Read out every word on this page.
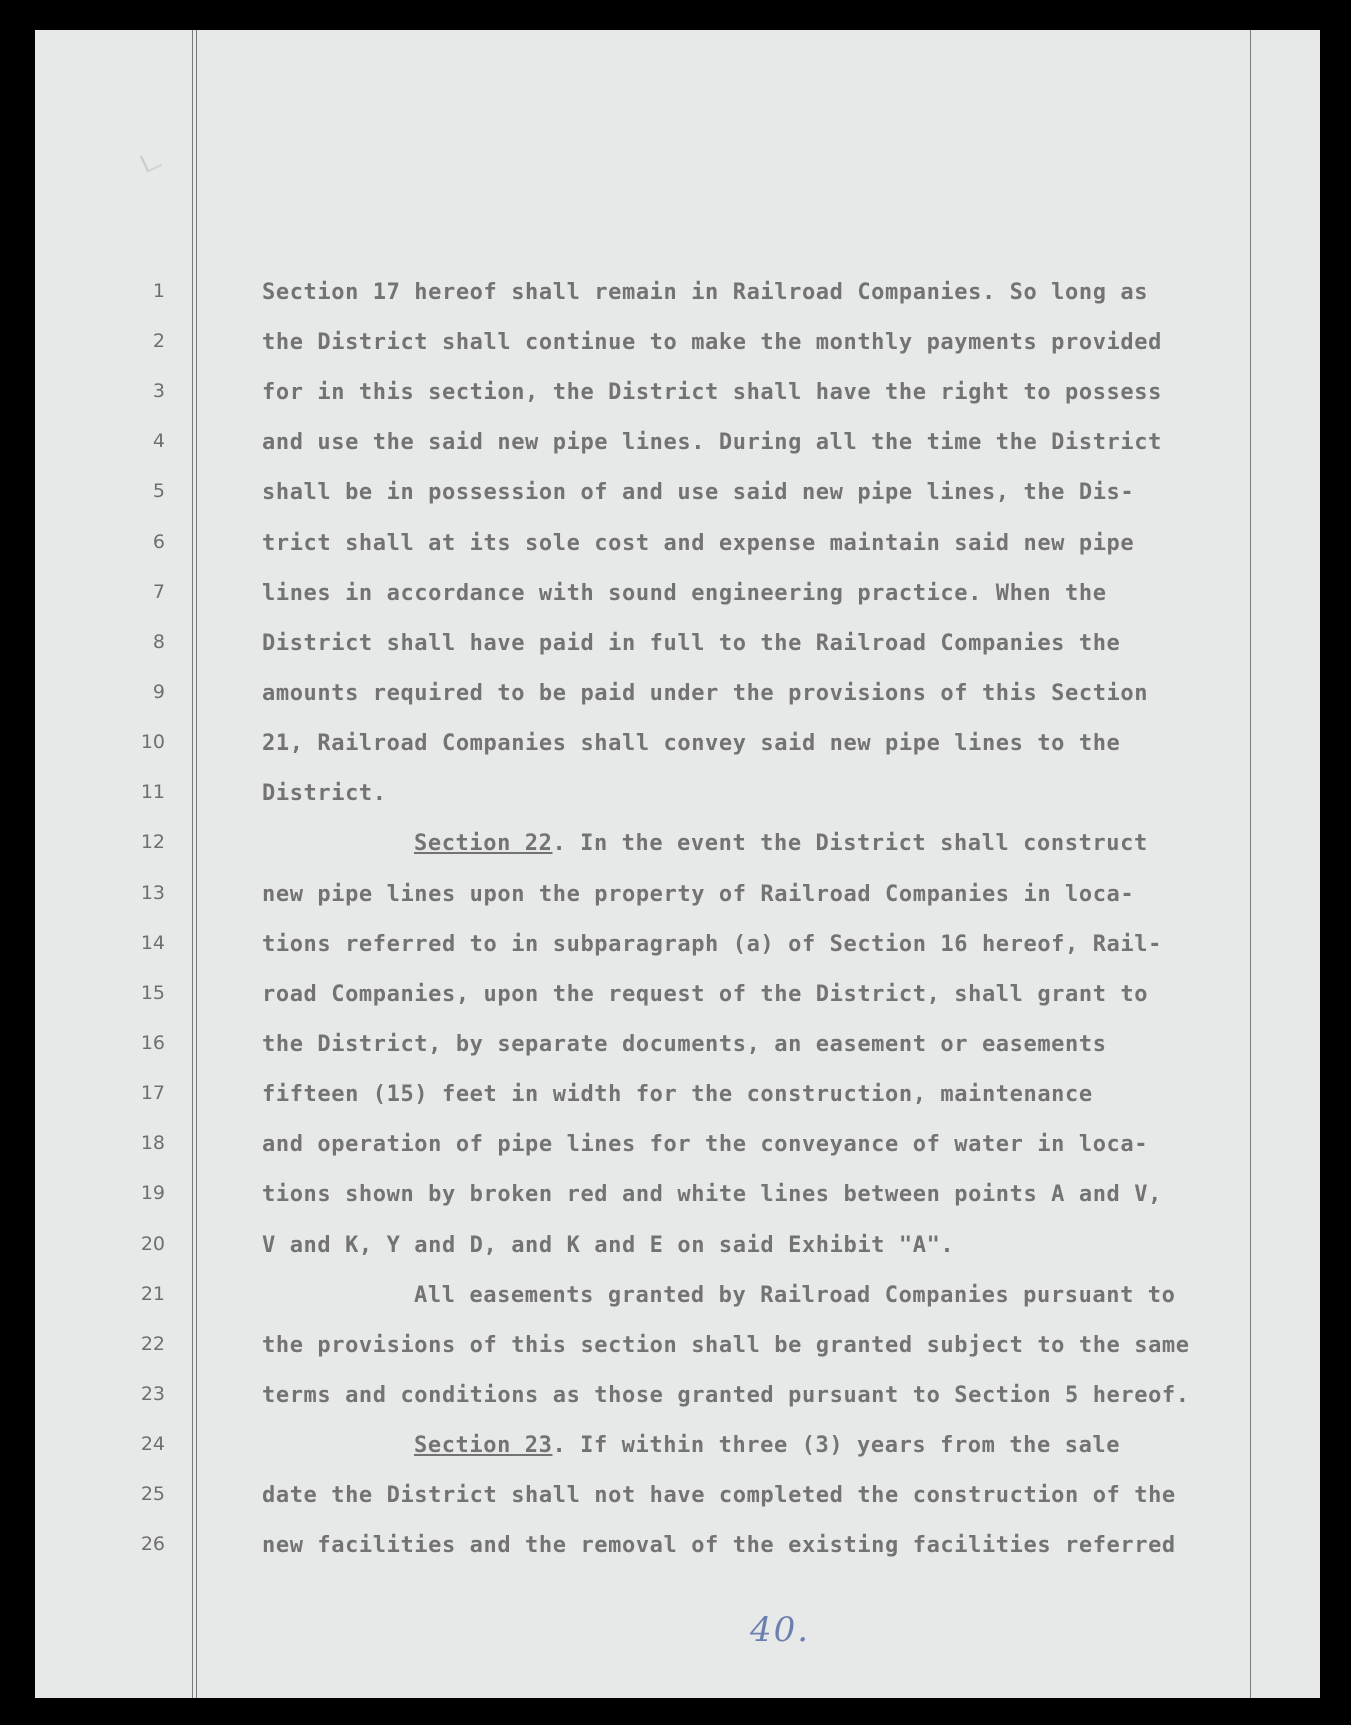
1
2
3
4
5
6
7
8
9
10
11
12
13
14
15
16
17
18
19
20
21
22
23
24
25
26
Section 17 hereof shall remain in Railroad Companies. So long as
the District shall continue to make the monthly payments provided
for in this section, the District shall have the right to possess
and use the said new pipe lines. During all the time the District
shall be in possession of and use said new pipe lines, the Dis-
trict shall at its sole cost and expense maintain said new pipe
lines in accordance with sound engineering practice. When the
District shall have paid in full to the Railroad Companies the
amounts required to be paid under the provisions of this Section
21, Railroad Companies shall convey said new pipe lines to the
District.
Section 22. In the event the District shall construct
new pipe lines upon the property of Railroad Companies in loca-
tions referred to in subparagraph (a) of Section 16 hereof, Rail-
road Companies, upon the request of the District, shall grant to
the District, by separate documents, an easement or easements
fifteen (15) feet in width for the construction, maintenance
and operation of pipe lines for the conveyance of water in loca-
tions shown by broken red and white lines between points A and V,
V and K, Y and D, and K and E on said Exhibit "A".
All easements granted by Railroad Companies pursuant to
the provisions of this section shall be granted subject to the same
terms and conditions as those granted pursuant to Section 5 hereof.
Section 23. If within three (3) years from the sale
date the District shall not have completed the construction of the
new facilities and the removal of the existing facilities referred
40.
